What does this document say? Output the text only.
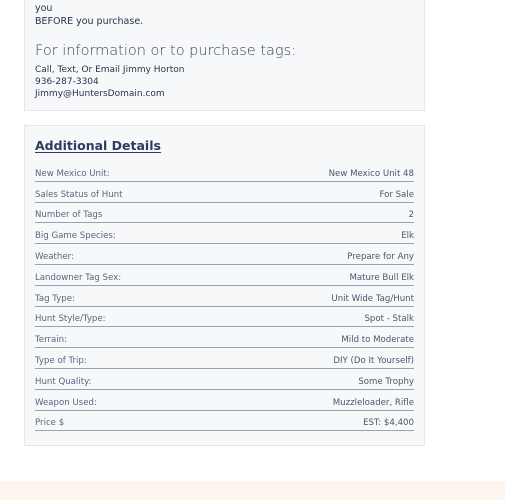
you
BEFORE you purchase.

For information or to purchase tags:
Call, Text, Or Email Jimmy Horton
936-287-3304
Jimmy@HuntersDomain.com
Additional Details
New Mexico Unit:	New Mexico Unit 48
Sales Status of Hunt	For Sale
Number of Tags	2
Big Game Species:	Elk
Weather:	Prepare for Any
Landowner Tag Sex:	Mature Bull Elk
Tag Type:	Unit Wide Tag/Hunt
Hunt Style/Type:	Spot - Stalk
Terrain:	Mild to Moderate
Type of Trip:	DIY (Do It Yourself)
Hunt Quality:	Some Trophy
Weapon Used:	Muzzleloader, Rifle
Price $	EST: $4,400
